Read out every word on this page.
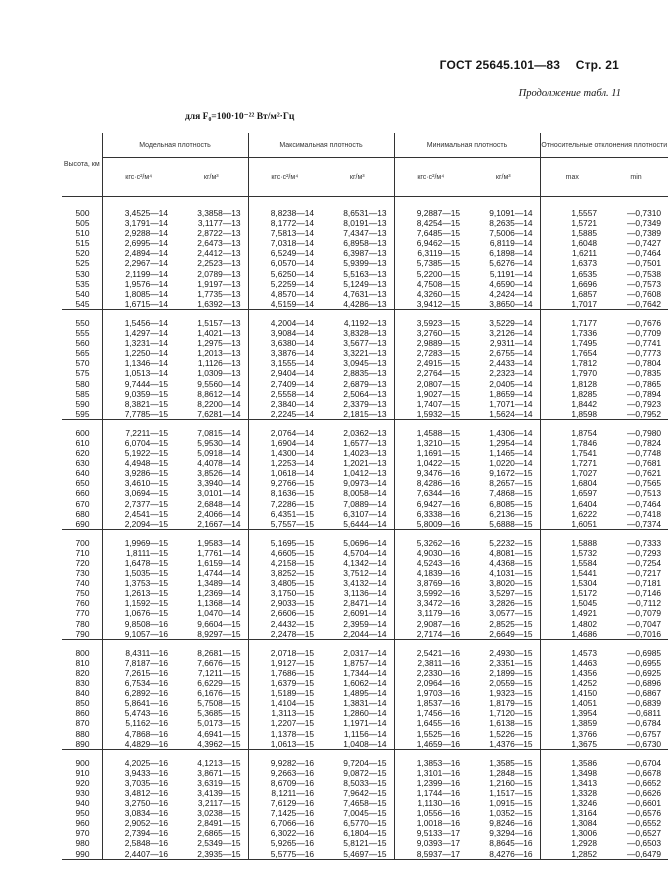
ГОСТ 25645.101—83 Стр. 21
Продолжение табл. 11
для F₀=100·10⁻²² Вт/м²·Гц
Высота, км	Модельная плотность		Максимальная плотность		Минимальная плотность		Относительные отклонения плотности	
	кгс·с²/м⁴	кг/м³	кгс·с²/м⁴	кг/м³	кгс·с²/м⁴	кг/м³	max	min

500	3,4525—14	3,3858—13	8,8238—14	8,6531—13	9,2887—15	9,1091—14	1,5557	—0,7310
505	3,1791—14	3,1177—13	8,1772—14	8,0191—13	8,4254—15	8,2635—14	1,5721	—0,7349
510	2,9288—14	2,8722—13	7,5813—14	7,4347—13	7,6485—15	7,5006—14	1,5885	—0,7389
515	2,6995—14	2,6473—13	7,0318—14	6,8958—13	6,9462—15	6,8119—14	1,6048	—0,7427
520	2,4894—14	2,4412—13	6,5249—14	6,3987—13	6,3119—15	6,1898—14	1,6211	—0,7464
525	2,2967—14	2,2523—13	6,0570—14	5,9399—13	5,7385—15	5,6276—14	1,6373	—0,7501
530	2,1199—14	2,0789—13	5,6250—14	5,5163—13	5,2200—15	5,1191—14	1,6535	—0,7538
535	1,9576—14	1,9197—13	5,2259—14	5,1249—13	4,7508—15	4,6590—14	1,6696	—0,7573
540	1,8085—14	1,7735—13	4,8570—14	4,7631—13	4,3260—15	4,2424—14	1,6857	—0,7608
545	1,6715—14	1,6392—13	4,5159—14	4,4286—13	3,9412—15	3,8650—14	1,7017	—0,7642

550	1,5456—14	1,5157—13	4,2004—14	4,1192—13	3,5923—15	3,5229—14	1,7177	—0,7676
555	1,4297—14	1,4021—13	3,9084—14	3,8328—13	3,2760—15	3,2126—14	1,7336	—0,7709
560	1,3231—14	1,2975—13	3,6380—14	3,5677—13	2,9889—15	2,9311—14	1,7495	—0,7741
565	1,2250—14	1,2013—13	3,3876—14	3,3221—13	2,7283—15	2,6755—14	1,7654	—0,7773
570	1,1346—14	1,1126—13	3,1555—14	3,0945—13	2,4915—15	2,4433—14	1,7812	—0,7804
575	1,0513—14	1,0309—13	2,9404—14	2,8835—13	2,2764—15	2,2323—14	1,7970	—0,7835
580	9,7444—15	9,5560—14	2,7409—14	2,6879—13	2,0807—15	2,0405—14	1,8128	—0,7865
585	9,0359—15	8,8612—14	2,5558—14	2,5064—13	1,9027—15	1,8659—14	1,8285	—0,7894
590	8,3821—15	8,2200—14	2,3840—14	2,3379—13	1,7407—15	1,7071—14	1,8442	—0,7923
595	7,7785—15	7,6281—14	2,2245—14	2,1815—13	1,5932—15	1,5624—14	1,8598	—0,7952

600	7,2211—15	7,0815—14	2,0764—14	2,0362—13	1,4588—15	1,4306—14	1,8754	—0,7980
610	6,0704—15	5,9530—14	1,6904—14	1,6577—13	1,3210—15	1,2954—14	1,7846	—0,7824
620	5,1922—15	5,0918—14	1,4300—14	1,4023—13	1,1691—15	1,1465—14	1,7541	—0,7748
630	4,4948—15	4,4078—14	1,2253—14	1,2021—13	1,0422—15	1,0220—14	1,7271	—0,7681
640	3,9286—15	3,8526—14	1,0618—14	1,0412—13	9,3476—16	9,1672—15	1,7027	—0,7621
650	3,4610—15	3,3940—14	9,2766—15	9,0973—14	8,4286—16	8,2657—15	1,6804	—0,7565
660	3,0694—15	3,0101—14	8,1636—15	8,0058—14	7,6344—16	7,4868—15	1,6597	—0,7513
670	2,7377—15	2,6848—14	7,2286—15	7,0889—14	6,9427—16	6,8085—15	1,6404	—0,7464
680	2,4541—15	2,4066—14	6,4351—15	6,3107—14	6,3338—16	6,2136—15	1,6222	—0,7418
690	2,2094—15	2,1667—14	5,7557—15	5,6444—14	5,8009—16	5,6888—15	1,6051	—0,7374

700	1,9969—15	1,9583—14	5,1695—15	5,0696—14	5,3262—16	5,2232—15	1,5888	—0,7333
710	1,8111—15	1,7761—14	4,6605—15	4,5704—14	4,9030—16	4,8081—15	1,5732	—0,7293
720	1,6478—15	1,6159—14	4,2158—15	4,1342—14	4,5243—16	4,4368—15	1,5584	—0,7254
730	1,5035—15	1,4744—14	3,8252—15	3,7512—14	4,1839—16	4,1031—15	1,5441	—0,7217
740	1,3753—15	1,3489—14	3,4805—15	3,4132—14	3,8769—16	3,8020—15	1,5304	—0,7181
750	1,2613—15	1,2369—14	3,1750—15	3,1136—14	3,5992—16	3,5297—15	1,5172	—0,7146
760	1,1592—15	1,1368—14	2,9033—15	2,8471—14	3,3472—16	3,2826—15	1,5045	—0,7112
770	1,0676—15	1,0470—14	2,6606—15	2,6091—14	3,1179—16	3,0577—15	1,4921	—0,7079
780	9,8508—16	9,6604—15	2,4432—15	2,3959—14	2,9087—16	2,8525—15	1,4802	—0,7047
790	9,1057—16	8,9297—15	2,2478—15	2,2044—14	2,7174—16	2,6649—15	1,4686	—0,7016

800	8,4311—16	8,2681—15	2,0718—15	2,0317—14	2,5421—16	2,4930—15	1,4573	—0,6985
810	7,8187—16	7,6676—15	1,9127—15	1,8757—14	2,3811—16	2,3351—15	1,4463	—0,6955
820	7,2615—16	7,1211—15	1,7686—15	1,7344—14	2,2330—16	2,1899—15	1,4356	—0,6925
830	6,7534—16	6,6229—15	1,6379—15	1,6062—14	2,0964—16	2,0559—15	1,4252	—0,6896
840	6,2892—16	6,1676—15	1,5189—15	1,4895—14	1,9703—16	1,9323—15	1,4150	—0,6867
850	5,8641—16	5,7508—15	1,4104—15	1,3831—14	1,8537—16	1,8179—15	1,4051	—0,6839
860	5,4743—16	5,3685—15	1,3113—15	1,2860—14	1,7456—16	1,7120—15	1,3954	—0,6811
870	5,1162—16	5,0173—15	1,2207—15	1,1971—14	1,6455—16	1,6138—15	1,3859	—0,6784
880	4,7868—16	4,6941—15	1,1378—15	1,1156—14	1,5525—16	1,5226—15	1,3766	—0,6757
890	4,4829—16	4,3962—15	1,0613—15	1,0408—14	1,4659—16	1,4376—15	1,3675	—0,6730

900	4,2025—16	4,1213—15	9,9282—16	9,7204—15	1,3853—16	1,3585—15	1,3586	—0,6704
910	3,9433—16	3,8671—15	9,2663—16	9,0872—15	1,3101—16	1,2848—15	1,3498	—0,6678
920	3,7035—16	3,6319—15	8,6709—16	8,5033—15	1,2399—16	1,2160—15	1,3413	—0,6652
930	3,4812—16	3,4139—15	8,1211—16	7,9642—15	1,1744—16	1,1517—15	1,3328	—0,6626
940	3,2750—16	3,2117—15	7,6129—16	7,4658—15	1,1130—16	1,0915—15	1,3246	—0,6601
950	3,0834—16	3,0238—15	7,1425—16	7,0045—15	1,0556—16	1,0352—15	1,3164	—0,6576
960	2,9052—16	2,8491—15	6,7066—16	6,5770—15	1,0018—16	9,8246—16	1,3084	—0,6552
970	2,7394—16	2,6865—15	6,3022—16	6,1804—15	9,5133—17	9,3294—16	1,3006	—0,6527
980	2,5848—16	2,5349—15	5,9265—16	5,8121—15	9,0393—17	8,8645—16	1,2928	—0,6503
990	2,4407—16	2,3935—15	5,5775—16	5,4697—15	8,5937—17	8,4276—16	1,2852	—0,6479
